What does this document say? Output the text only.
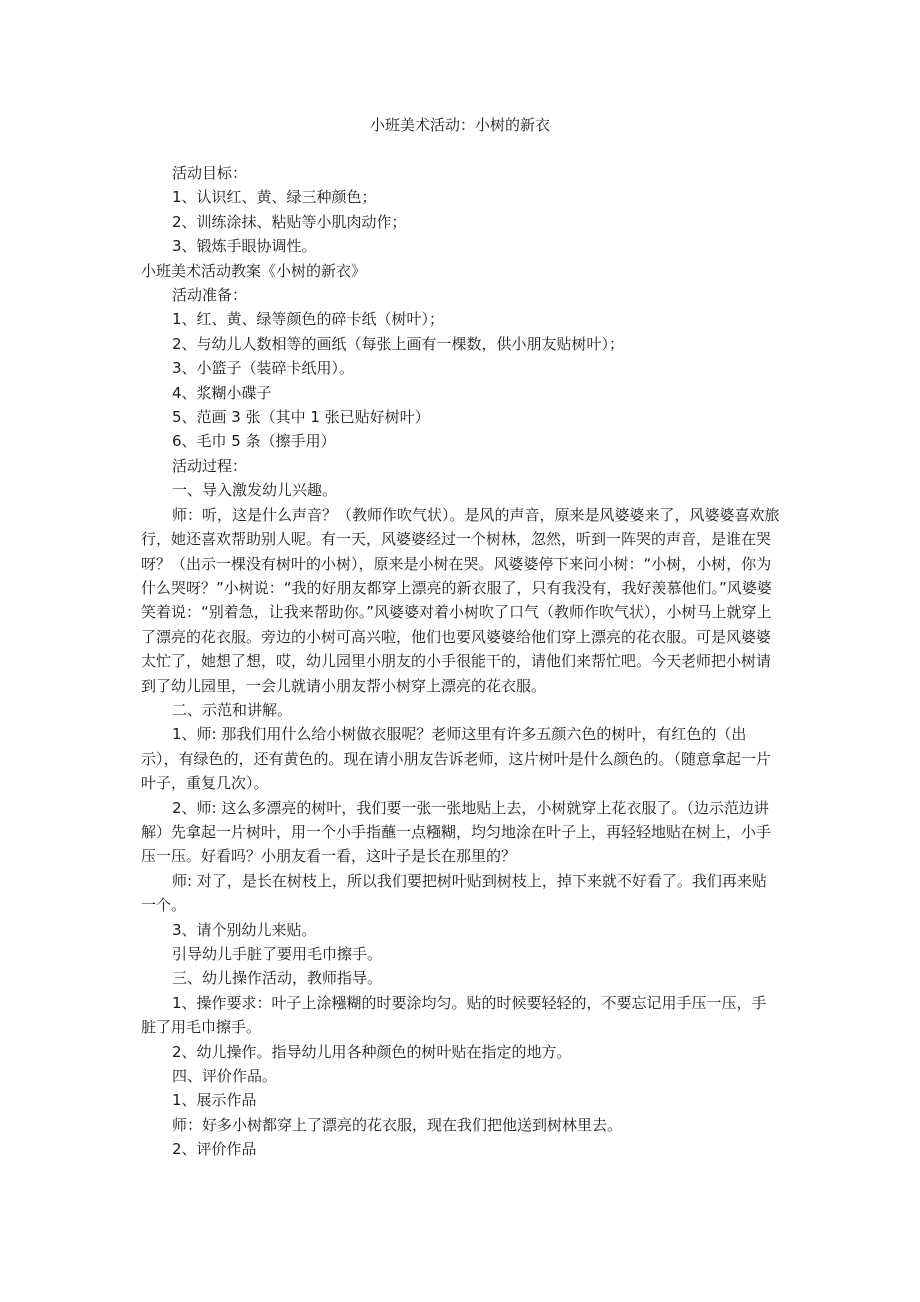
小班美术活动：小树的新衣

活动目标：

1、认识红、黄、绿三种颜色；

2、训练涂抹、粘贴等小肌肉动作；

3、锻炼手眼协调性。

小班美术活动教案《小树的新衣》

活动准备：

1、红、黄、绿等颜色的碎卡纸（树叶）；

2、与幼儿人数相等的画纸（每张上画有一棵数，供小朋友贴树叶）；

3、小篮子（装碎卡纸用）。

4、浆糊小碟子

5、范画 3 张（其中 1 张已贴好树叶）

6、毛巾 5 条（擦手用）

活动过程：

一、导入激发幼儿兴趣。

师：听，这是什么声音？（教师作吹气状）。是风的声音，原来是风婆婆来了，风婆婆喜欢旅行，她还喜欢帮助别人呢。有一天，风婆婆经过一个树林，忽然，听到一阵哭的声音，是谁在哭呀？（出示一棵没有树叶的小树），原来是小树在哭。风婆婆停下来问小树：“小树，小树，你为什么哭呀？”小树说：“我的好朋友都穿上漂亮的新衣服了，只有我没有，我好羡慕他们。”风婆婆笑着说：“别着急，让我来帮助你。”风婆婆对着小树吹了口气（教师作吹气状），小树马上就穿上了漂亮的花衣服。旁边的小树可高兴啦，他们也要风婆婆给他们穿上漂亮的花衣服。可是风婆婆太忙了，她想了想，哎，幼儿园里小朋友的小手很能干的，请他们来帮忙吧。今天老师把小树请到了幼儿园里，一会儿就请小朋友帮小树穿上漂亮的花衣服。

二、示范和讲解。

1、师: 那我们用什么给小树做衣服呢？老师这里有许多五颜六色的树叶，有红色的（出示），有绿色的，还有黄色的。现在请小朋友告诉老师，这片树叶是什么颜色的。（随意拿起一片叶子，重复几次）。

2、师: 这么多漂亮的树叶，我们要一张一张地贴上去，小树就穿上花衣服了。（边示范边讲解）先拿起一片树叶，用一个小手指蘸一点糨糊，均匀地涂在叶子上，再轻轻地贴在树上，小手压一压。好看吗？小朋友看一看，这叶子是长在那里的？

师: 对了，是长在树枝上，所以我们要把树叶贴到树枝上，掉下来就不好看了。我们再来贴一个。

3、请个别幼儿来贴。

引导幼儿手脏了要用毛巾擦手。

三、幼儿操作活动，教师指导。

1、操作要求：叶子上涂糨糊的时要涂均匀。贴的时候要轻轻的，不要忘记用手压一压，手脏了用毛巾擦手。

2、幼儿操作。指导幼儿用各种颜色的树叶贴在指定的地方。

四、评价作品。

1、展示作品

师：好多小树都穿上了漂亮的花衣服，现在我们把他送到树林里去。

2、评价作品
